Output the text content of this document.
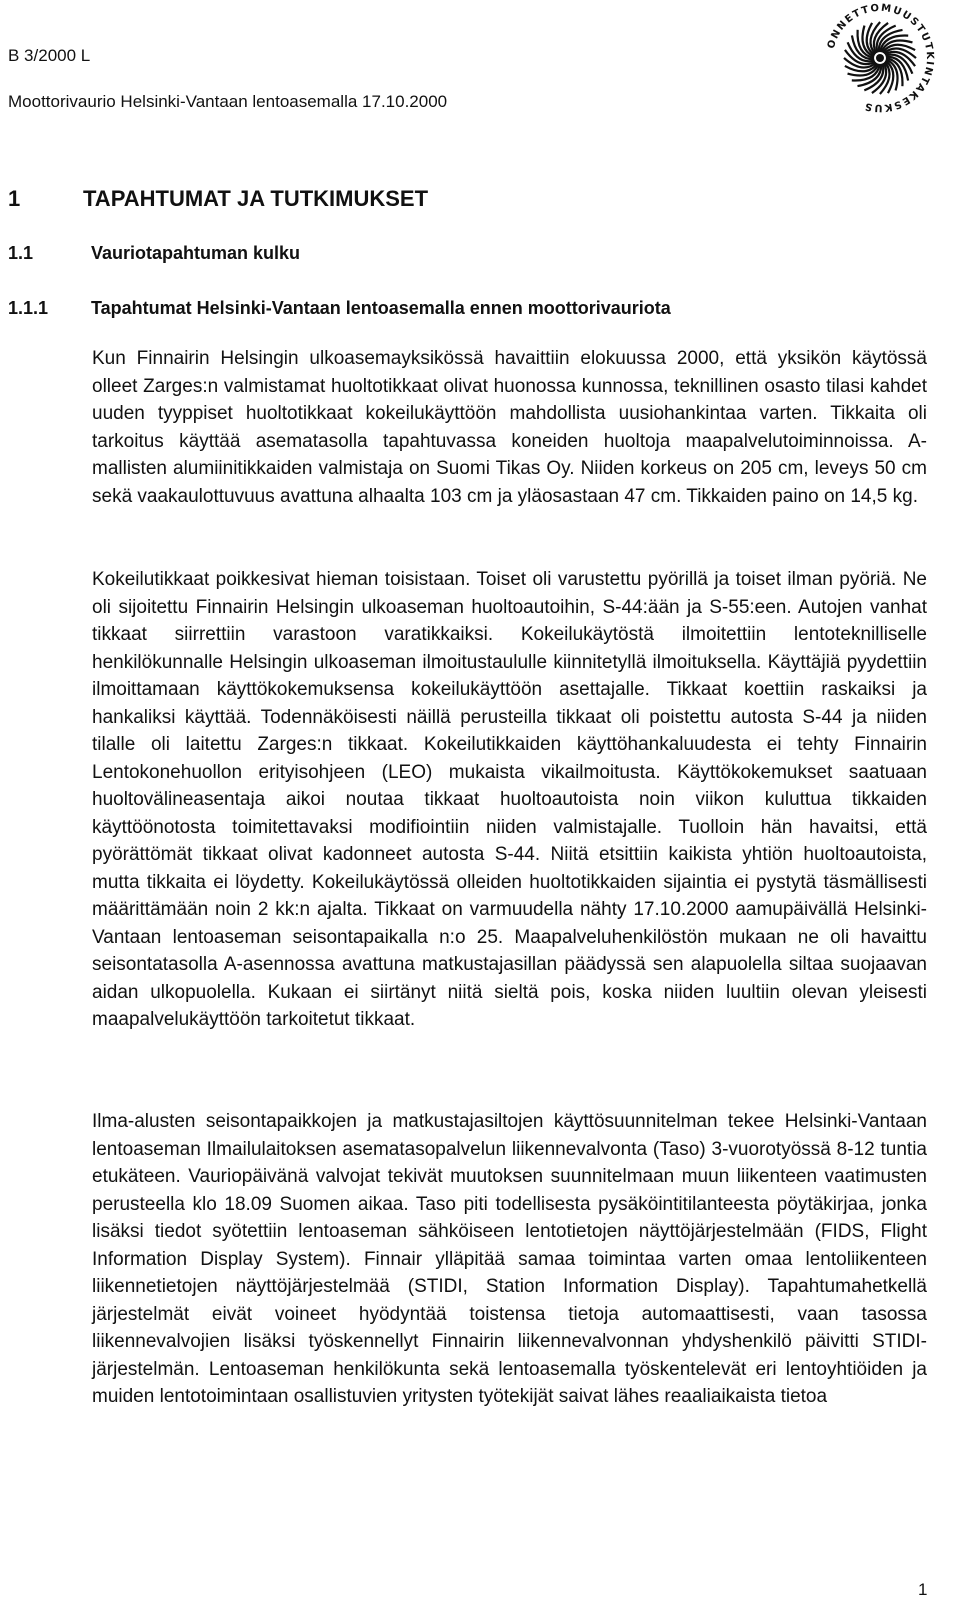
B 3/2000 L
Moottorivaurio Helsinki-Vantaan lentoasemalla 17.10.2000
ONNETTOMUUSTUTKINTAKESKUS
1	TAPAHTUMAT JA TUTKIMUKSET
1.1	Vauriotapahtuman kulku
1.1.1 Tapahtumat Helsinki-Vantaan lentoasemalla ennen moottorivauriota

Kun Finnairin Helsingin ulkoasemayksikössä havaittiin elokuussa 2000, että yksikön käytössä olleet Zarges:n valmistamat huoltotikkaat olivat huonossa kunnossa, teknillinen osasto tilasi kahdet uuden tyyppiset huoltotikkaat kokeilukäyttöön mahdollista uusiohankintaa varten. Tikkaita oli tarkoitus käyttää asematasolla tapahtuvassa koneiden huoltoja maapalvelutoiminnoissa. A-mallisten alumiinitikkaiden valmistaja on Suomi Tikas Oy. Niiden korkeus on 205 cm, leveys 50 cm sekä vaakaulottuvuus avattuna alhaalta 103 cm ja yläosastaan 47 cm. Tikkaiden paino on 14,5 kg.

Kokeilutikkaat poikkesivat hieman toisistaan. Toiset oli varustettu pyörillä ja toiset ilman pyöriä. Ne oli sijoitettu Finnairin Helsingin ulkoaseman huoltoautoihin, S-44:ään ja S-55:een. Autojen vanhat tikkaat siirrettiin varastoon varatikkaiksi. Kokeilukäytöstä ilmoitettiin lentoteknilliselle henkilökunnalle Helsingin ulkoaseman ilmoitustaululle kiinnitetyllä ilmoituksella. Käyttäjiä pyydettiin ilmoittamaan käyttökokemuksensa kokeilukäyttöön asettajalle. Tikkaat koettiin raskaiksi ja hankaliksi käyttää. Todennäköisesti näillä perusteilla tikkaat oli poistettu autosta S-44 ja niiden tilalle oli laitettu Zarges:n tikkaat. Kokeilutikkaiden käyttöhankaluudesta ei tehty Finnairin Lentokonehuollon erityisohjeen (LEO) mukaista vikailmoitusta. Käyttökokemukset saatuaan huoltovälineasentaja aikoi noutaa tikkaat huoltoautoista noin viikon kuluttua tikkaiden käyttöönotosta toimitettavaksi modifiointiin niiden valmistajalle. Tuolloin hän havaitsi, että pyörättömät tikkaat olivat kadonneet autosta S-44. Niitä etsittiin kaikista yhtiön huoltoautoista, mutta tikkaita ei löydetty. Kokeilukäytössä olleiden huoltotikkaiden sijaintia ei pystytä täsmällisesti määrittämään noin 2 kk:n ajalta. Tikkaat on varmuudella nähty 17.10.2000 aamupäivällä Helsinki-Vantaan lentoaseman seisontapaikalla n:o 25. Maapalveluhenkilöstön mukaan ne oli havaittu seisontatasolla A-asennossa avattuna matkustajasillan päädyssä sen alapuolella siltaa suojaavan aidan ulkopuolella. Kukaan ei siirtänyt niitä sieltä pois, koska niiden luultiin olevan yleisesti maapalvelukäyttöön tarkoitetut tikkaat.

Ilma-alusten seisontapaikkojen ja matkustajasiltojen käyttösuunnitelman tekee Helsinki-Vantaan lentoaseman Ilmailulaitoksen asematasopalvelun liikennevalvonta (Taso) 3-vuorotyössä 8-12 tuntia etukäteen. Vauriopäivänä valvojat tekivät muutoksen suunnitelmaan muun liikenteen vaatimusten perusteella klo 18.09 Suomen aikaa. Taso piti todellisesta pysäköintitilanteesta pöytäkirjaa, jonka lisäksi tiedot syötettiin lentoaseman sähköiseen lentotietojen näyttöjärjestelmään (FIDS, Flight Information Display System). Finnair ylläpitää samaa toimintaa varten omaa lentoliikenteen liikennetietojen näyttöjärjestelmää (STIDI, Station Information Display). Tapahtumahetkellä järjestelmät eivät voineet hyödyntää toistensa tietoja automaattisesti, vaan tasossa liikennevalvojien lisäksi työskennellyt Finnairin liikennevalvonnan yhdyshenkilö päivitti STIDI-järjestelmän. Lentoaseman henkilökunta sekä lentoasemalla työskentelevät eri lentoyhtiöiden ja muiden lentotoimintaan osallistuvien yritysten työtekijät saivat lähes reaaliaikaista tietoa

1
